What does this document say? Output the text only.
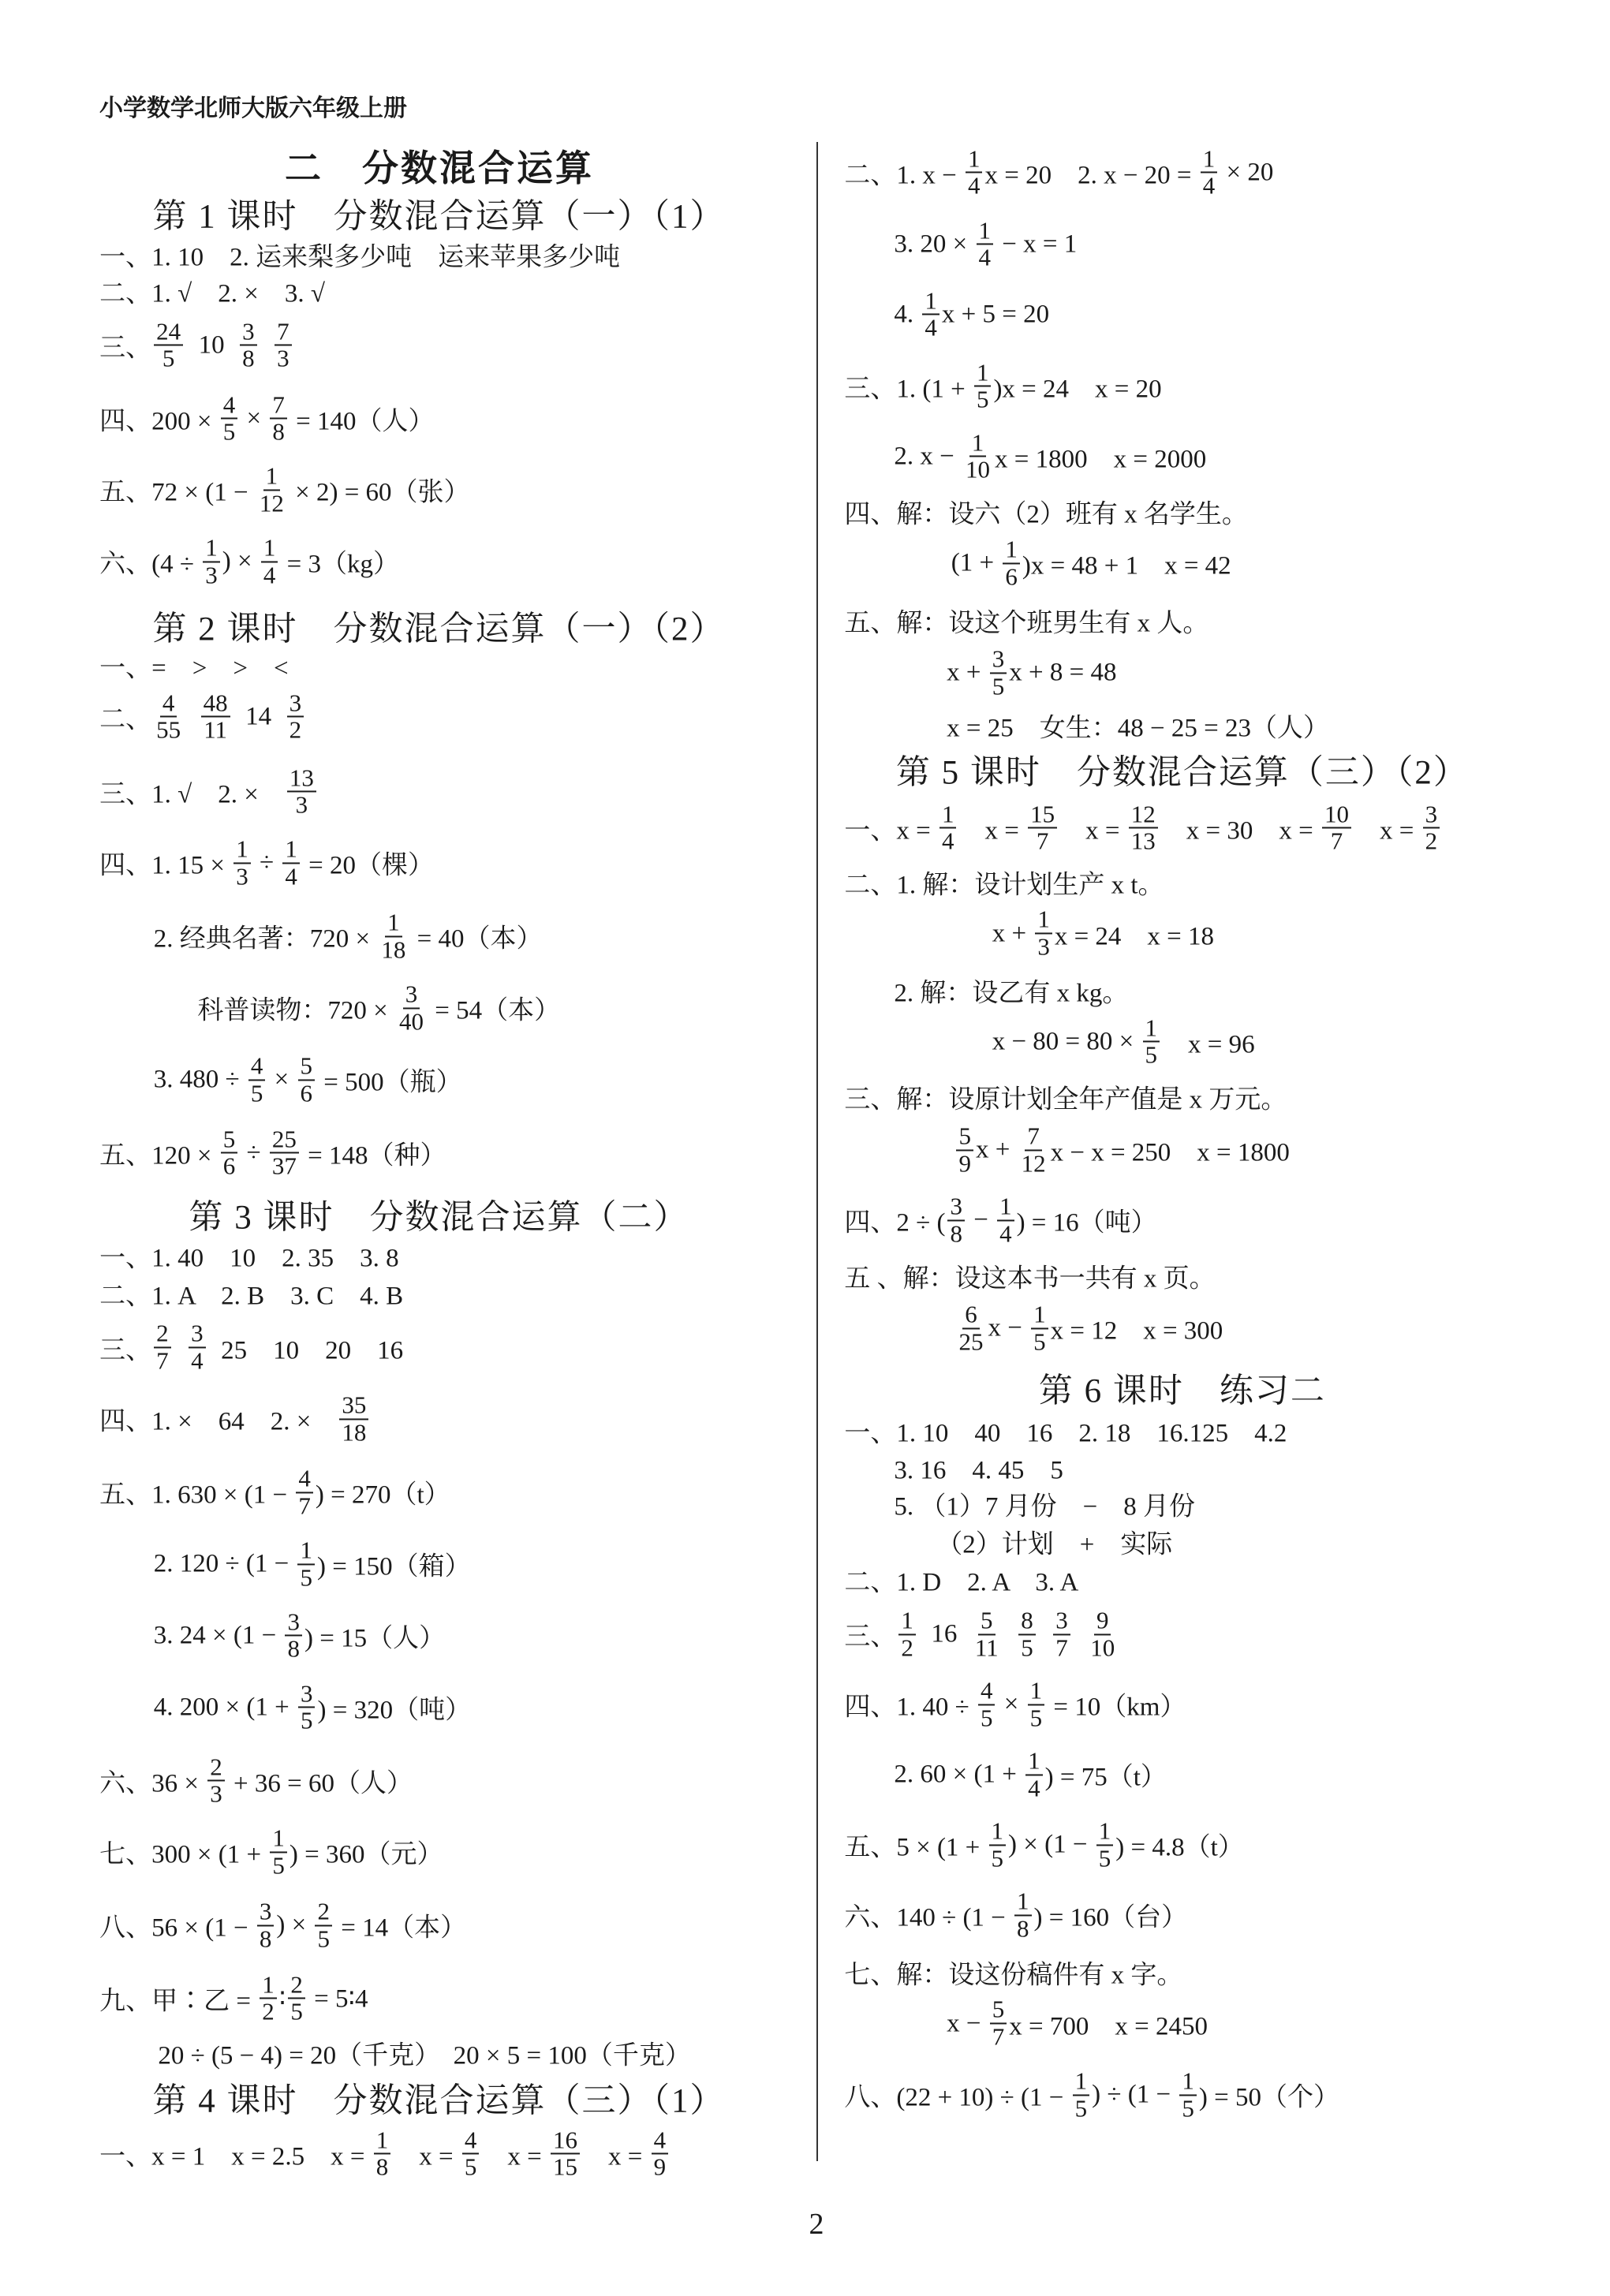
小学数学北师大版六年级上册
二　分数混合运算
第 1 课时　分数混合运算（一）（1）
一、1. 10　2. 运来梨多少吨　运来苹果多少吨
二、1. √　2. ×　3. √
三、 $\frac{24}{5} 10 \frac{3}{8}$
$\frac{7}{3}$
四、$200 \times \frac{4}{5} \times \frac{7}{8} = 140$（人）
五、$72 \times (1 - \frac{1}{12} \times 2) = 60$（张）
六、($4 \div \frac{1}{3}$ ) × $\frac{1}{4} = 3(kg)$
第 2 课时　分数混合运算（一）（2）
一、=　>　>　<
二、 $\frac{4}{55}$
$\frac{48}{11} 14 \frac{3}{2}$
三、1. √　2. ×　 $\frac{13}{3}$
四、1. $15 \times \frac{1}{3} \div \frac{1}{4} = 20$（棵）
2. 经典名著：$720 \times \frac{1}{18} = 40$（本）
科普读物：$720 \times \frac{3}{40} = 54$（本）
3. $480 \div \frac{4}{5} \times \frac{5}{6} = 500$（瓶）
五、$120 \times \frac{5}{6} \div \frac{25}{37} = 148$（种）
第 3 课时　分数混合运算（二）
一、1. 40　10　2. 35　3. 8
二、1. A　2. B　3. C　4. B
三、 $\frac{2}{7}$
$\frac{3}{4} 25$　10　20　16
四、1. ×　64　2. ×　 $\frac{35}{18}$
五、1. $630 \times (1 - \frac{4}{7}$ ) = 270（t）
2. $120 \div (1 - \frac{1}{5}$ ) = 150（箱）
3. $24 \times (1 - \frac{3}{8}$ ) = 15（人）
4. $200 \times (1 + \frac{3}{5}$ ) = 320（吨）
六、$36 \times \frac{2}{3} + 36 = 60$（人）
七、$300 \times (1 + \frac{1}{5}$ ) = 360（元）
八、$56 \times (1 - \frac{3}{8}$ ) × $\frac{2}{5} = 14$（本）
九、甲∶乙 = $\frac{1}{2}$ ∶ $\frac{2}{5}$ = 5∶4
20 ÷ (5 − 4) = 20（千克）　20 × 5 = 100（千克）
第 4 课时　分数混合运算（三）（1）
一、x = 1　x = 2.5　$x = \frac{1}{8}$ 　$x = \frac{4}{5}$ 　$x = \frac{16}{15}$ 　$x = \frac{4}{9}$
二、1. $x - \frac{1}{4}$ x = 20　2. $x - 20 = \frac{1}{4} \times 20$
3. $20 \times \frac{1}{4} - x = 1$
4. $\frac{1}{4}$ x + 5 = 20
三、1. $(1 + \frac{1}{5} )x = 24$　x = 20
2. $x - \frac{1}{10}$ x = 1800　x = 2000
四、解：设六（2）班有 x 名学生。
$(1 + \frac{1}{6} )x = 48 + 1$　x = 42
五、解：设这个班男生有 x 人。
$x + \frac{3}{5}$ x + 8 = 48
x = 25　女生：48 − 25 = 23（人）
第 5 课时　分数混合运算（三）（2）
一、$x = \frac{1}{4}$ 　$x = \frac{15}{7}$ 　$x = \frac{12}{13}$ 　x = 30　$x = \frac{10}{7}$ 　$x = \frac{3}{2}$
二、1. 解：设计划生产 x t。
$x + \frac{1}{3}$ x = 24　x = 18
2. 解：设乙有 x kg。
$x - 80 = 80 \times \frac{1}{5}$ 　x = 96
三、解：设原计划全年产值是 x 万元。
$\frac{5}{9}$ $x + \frac{7}{12}$ x − x = 250　x = 1800
四、2 ÷ ( $\frac{3}{8} - \frac{1}{4}$ ) = 16（吨）
五 、解：设这本书一共有 x 页。
$\frac{6}{25}$ $x - \frac{1}{5}$ x = 12　x = 300
第 6 课时　练习二
一、1. 10　40　16　2. 18　16.125　4.2
3. 16　4. 45　5
5. （1）7 月份　−　8 月份
（2）计划　+　实际
二、1. D　2. A　3. A
三、 $\frac{1}{2} 16 \frac{5}{11}$
$\frac{8}{5}$
$\frac{3}{7}$
$\frac{9}{10}$
四、1. $40 \div \frac{4}{5} \times \frac{1}{5} = 10(km)$
2. $60 \times (1 + \frac{1}{4}$ ) = 75（t）
五、$5 \times (1 + \frac{1}{5}$ ) × ($1 - \frac{1}{5}$ ) = 4.8（t）
六、$140 \div (1 - \frac{1}{8}$ ) = 160（台）
七、解：设这份稿件有 x 字。
$x - \frac{5}{7}$ x = 700　x = 2450
八、$(22 + 10) \div (1 - \frac{1}{5}$ ) ÷ ($1 - \frac{1}{5}$ ) = 50（个）
2
